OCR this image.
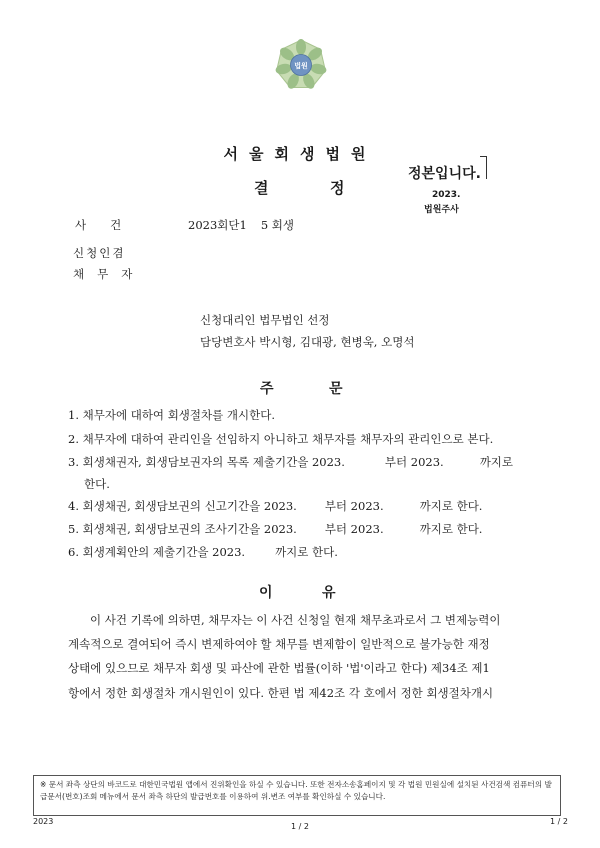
법원
서울회생법원
결	정
정본입니다.
2023.
법원주사
사 건	2023회단1 5 회생
신청인겸
채무자
신청대리인 법무법인 선정
담당변호사 박시형, 김대광, 현병욱, 오명석
주	문
1. 채무자에 대하여 회생절차를 개시한다.
2. 채무자에 대하여 관리인을 선임하지 아니하고 채무자를 채무자의 관리인으로 본다.
3. 회생채권자, 회생담보권자의 목록 제출기간을 2023.	부터 2023.	까지로
한다.
4. 회생채권, 회생담보권의 신고기간을 2023. 부터 2023.	까지로 한다.
5. 회생채권, 회생담보권의 조사기간을 2023. 부터 2023.	까지로 한다.
6. 회생계획안의 제출기간을 2023.	까지로 한다.
이	유
이 사건 기록에 의하면, 채무자는 이 사건 신청일 현재 채무초과로서 그 변제능력이
계속적으로 결여되어 즉시 변제하여야 할 채무를 변제함이 일반적으로 불가능한 재정
상태에 있으므로 채무자 회생 및 파산에 관한 법률(이하 '법'이라고 한다) 제34조 제1
항에서 정한 회생절차 개시원인이 있다. 한편 법 제42조 각 호에서 정한 회생절차개시
※ 문서 좌측 상단의 바코드로 대한민국법원 앱에서 진위확인을 하실 수 있습니다. 또한 전자소송홈페이지 및 각 법원 민원실에 설치된 사건검색 컴퓨터의 발급문서(번호)조회 메뉴에서 문서 좌측 하단의 발급번호를 이용하여 위.변조 여부를 확인하실 수 있습니다.
2023
1 / 2
1 / 2
